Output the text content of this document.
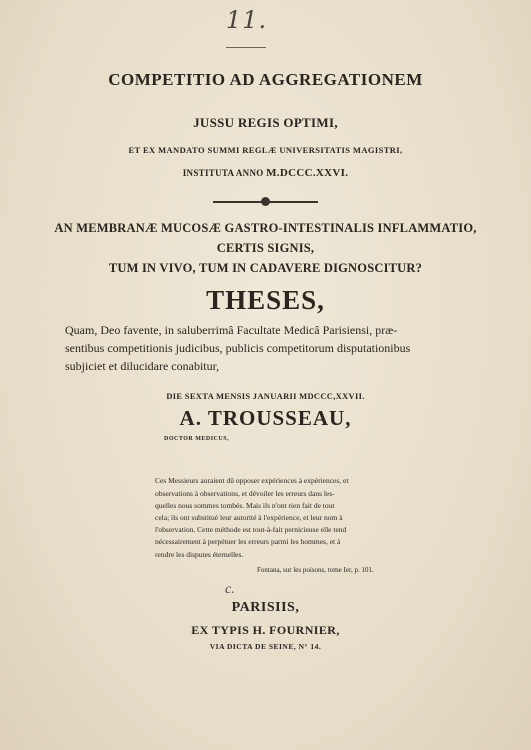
11.
COMPETITIO AD AGGREGATIONEM
JUSSU REGIS OPTIMI,
ET EX MANDATO SUMMI REGLÆ UNIVERSITATIS MAGISTRI,
INSTITUTA ANNO M.DCCC.XXVI.
AN MEMBRANÆ MUCOSÆ GASTRO-INTESTINALIS INFLAMMATIO,
CERTIS SIGNIS,
TUM IN VIVO, TUM IN CADAVERE DIGNOSCITUR?
THESES,
Quam, Deo favente, in saluberrimâ Facultate Medicâ Parisiensi, præ-
sentibus competitionis judicibus, publicis competitorum disputationibus
subjiciet et dilucidare conabitur,
DIE SEXTA MENSIS JANUARII MDCCC,XXVII.
A. TROUSSEAU,
DOCTOR MEDICUS,
Ces Messieurs auraient dû opposer expériences à expériences, et
observations à observations, et dévoiler les erreurs dans les-
quelles nous sommes tombés. Mais ils n'ont rien fait de tout
cela; ils ont substitué leur autorité à l'expérience, et leur nom à
l'observation. Cette méthode est tout-à-fait pernicieuse elle tend
nécessairement à perpétuer les erreurs parmi les hommes, et à
rendre les disputes éternelles.
Fontana, sur les poisons, tome Ier, p. 101.
c.
PARISIIS,
EX TYPIS H. FOURNIER,
VIA DICTA DE SEINE, N° 14.
